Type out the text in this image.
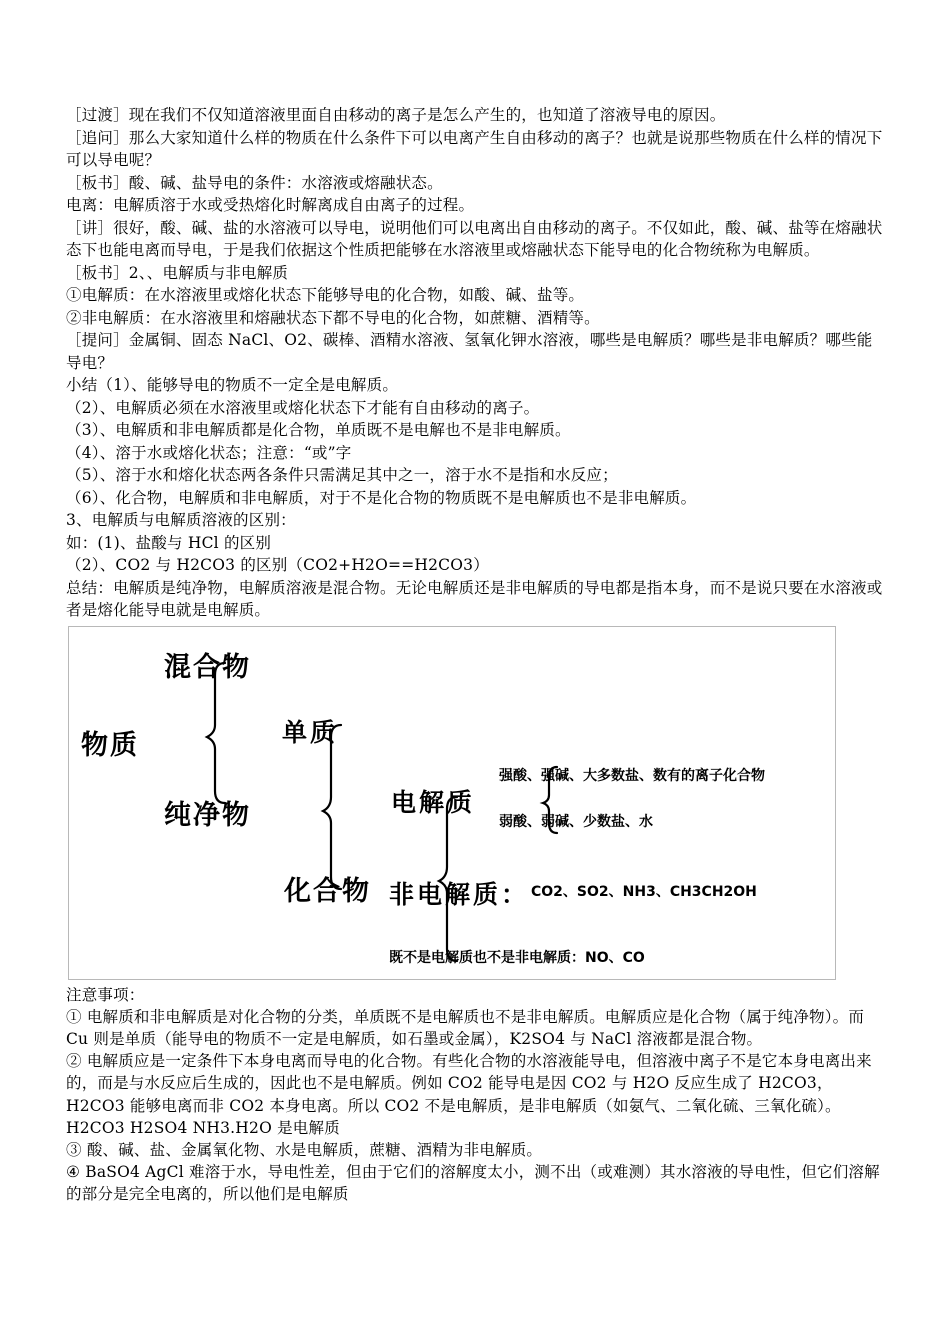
［过渡］现在我们不仅知道溶液里面自由移动的离子是怎么产生的，也知道了溶液导电的原因。

［追问］那么大家知道什么样的物质在什么条件下可以电离产生自由移动的离子？也就是说那些物质在什么样的情况下可以导电呢？

［板书］酸、碱、盐导电的条件：水溶液或熔融状态。

电离：电解质溶于水或受热熔化时解离成自由离子的过程。

［讲］很好，酸、碱、盐的水溶液可以导电，说明他们可以电离出自由移动的离子。不仅如此，酸、碱、盐等在熔融状态下也能电离而导电，于是我们依据这个性质把能够在水溶液里或熔融状态下能导电的化合物统称为电解质。

［板书］2、、电解质与非电解质

①电解质：在水溶液里或熔化状态下能够导电的化合物，如酸、碱、盐等。

②非电解质：在水溶液里和熔融状态下都不导电的化合物，如蔗糖、酒精等。

［提问］金属铜、固态 NaCl、O2、碳棒、酒精水溶液、氢氧化钾水溶液，哪些是电解质？哪些是非电解质？哪些能导电？

小结（1）、能够导电的物质不一定全是电解质。

（2）、电解质必须在水溶液里或熔化状态下才能有自由移动的离子。

（3）、电解质和非电解质都是化合物，单质既不是电解也不是非电解质。

（4）、溶于水或熔化状态；注意：“或”字

（5）、溶于水和熔化状态两各条件只需满足其中之一，溶于水不是指和水反应；

（6）、化合物，电解质和非电解质，对于不是化合物的物质既不是电解质也不是非电解质。

3、电解质与电解质溶液的区别：

如：(1)、盐酸与 HCl 的区别

（2）、CO2 与 H2CO3 的区别（CO2+H2O==H2CO3）

总结：电解质是纯净物，电解质溶液是混合物。无论电解质还是非电解质的导电都是指本身，而不是说只要在水溶液或者是熔化能导电就是电解质。

物质
混合物
单质
纯净物
化合物
电解质
强酸、强碱、大多数盐、数有的离子化合物
弱酸、弱碱、少数盐、水
非电解质： CO2、SO2、NH3、CH3CH2OH
既不是电解质也不是非电解质：NO、CO

注意事项：

① 电解质和非电解质是对化合物的分类，单质既不是电解质也不是非电解质。电解质应是化合物（属于纯净物）。而 Cu 则是单质（能导电的物质不一定是电解质，如石墨或金属），K2SO4 与 NaCl 溶液都是混合物。

② 电解质应是一定条件下本身电离而导电的化合物。有些化合物的水溶液能导电，但溶液中离子不是它本身电离出来的，而是与水反应后生成的，因此也不是电解质。例如 CO2 能导电是因 CO2 与 H2O 反应生成了 H2CO3，H2CO3 能够电离而非 CO2 本身电离。所以 CO2 不是电解质，是非电解质（如氨气、二氧化硫、三氧化硫）。H2CO3 H2SO4 NH3.H2O 是电解质

③ 酸、碱、盐、金属氧化物、水是电解质，蔗糖、酒精为非电解质。

④ BaSO4 AgCl 难溶于水，导电性差，但由于它们的溶解度太小，测不出（或难测）其水溶液的导电性，但它们溶解的部分是完全电离的，所以他们是电解质
